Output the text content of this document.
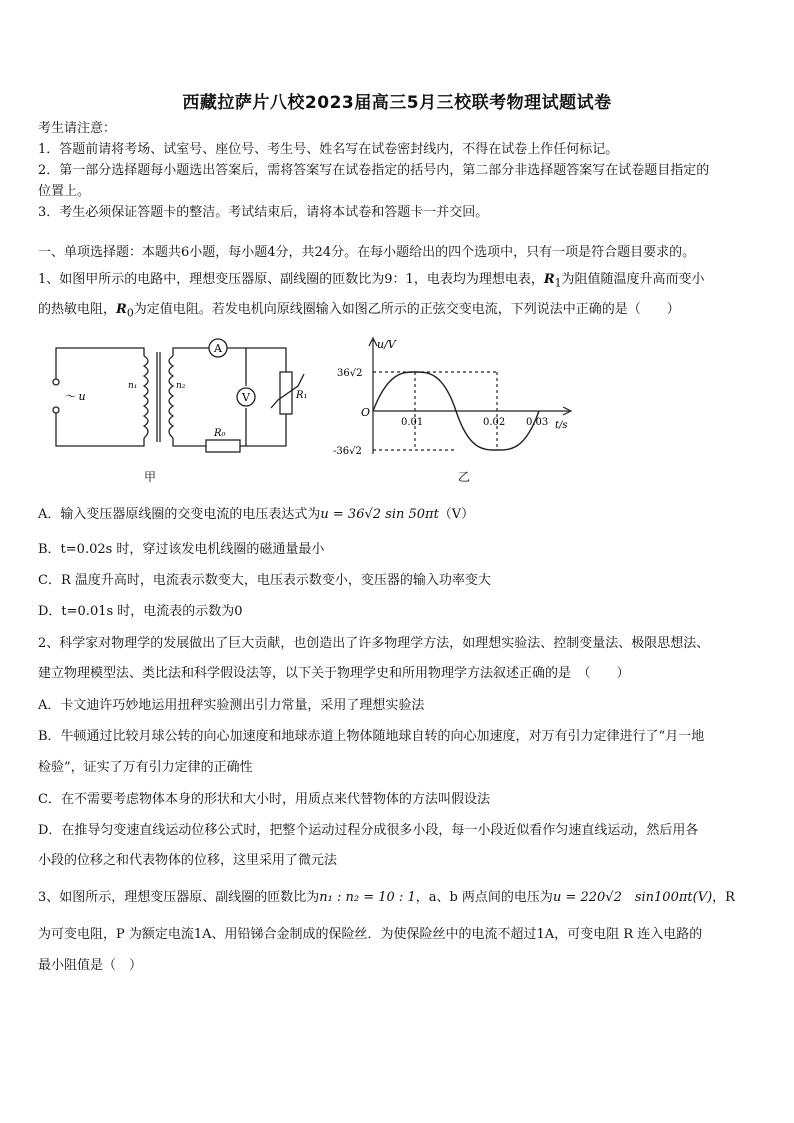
西藏拉萨片八校2023届高三5月三校联考物理试题试卷
考生请注意：
1．答题前请将考场、试室号、座位号、考生号、姓名写在试卷密封线内，不得在试卷上作任何标记。
2．第一部分选择题每小题选出答案后，需将答案写在试卷指定的括号内，第二部分非选择题答案写在试卷题目指定的
位置上。
3．考生必须保证答题卡的整洁。考试结束后，请将本试卷和答题卡一并交回。
一、单项选择题：本题共6小题，每小题4分，共24分。在每小题给出的四个选项中，只有一项是符合题目要求的。
1、如图甲所示的电路中，理想变压器原、副线圈的匝数比为9：1，电表均为理想电表，$R_1$为阻值随温度升高而变小
的热敏电阻，$R_0$为定值电阻。若发电机向原线圈输入如图乙所示的正弦交变电流，下列说法中正确的是（　　）
A
V
～ u
n₁	n₂
R₁
R₀
甲
u/V
t/s
O
36√2
-36√2
0.01	0.02 0.03
乙
A．输入变压器原线圈的交变电流的电压表达式为u = 36√2 sin 50πt（V）
B．t=0.02s 时，穿过该发电机线圈的磁通量最小
C．R 温度升高时，电流表示数变大，电压表示数变小，变压器的输入功率变大
D．t=0.01s 时，电流表的示数为0
2、科学家对物理学的发展做出了巨大贡献，也创造出了许多物理学方法，如理想实验法、控制变量法、极限思想法、
建立物理模型法、类比法和科学假设法等，以下关于物理学史和所用物理学方法叙述正确的是　（　　）
A．卡文迪许巧妙地运用扭秤实验测出引力常量，采用了理想实验法
B．牛顿通过比较月球公转的向心加速度和地球赤道上物体随地球自转的向心加速度，对万有引力定律进行了“月一地
检验”，证实了万有引力定律的正确性
C．在不需要考虑物体本身的形状和大小时，用质点来代替物体的方法叫假设法
D．在推导匀变速直线运动位移公式时，把整个运动过程分成很多小段，每一小段近似看作匀速直线运动，然后用各
小段的位移之和代表物体的位移，这里采用了微元法
3、如图所示，理想变压器原、副线圈的匝数比为n₁ : n₂ = 10 : 1，a、b 两点间的电压为u = 220√2　sin100πt(V)，R
为可变电阻，P 为额定电流1A、用铅锑合金制成的保险丝．为使保险丝中的电流不超过1A，可变电阻 R 连入电路的
最小阻值是（　）
